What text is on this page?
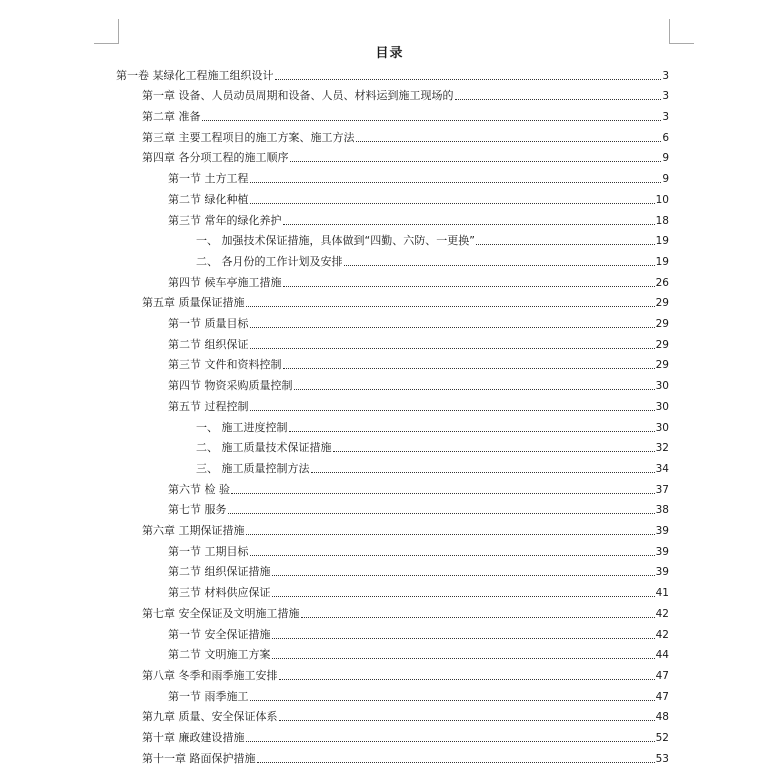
目录
第一卷 某绿化工程施工组织设计	3
第一章 设备、人员动员周期和设备、人员、材料运到施工现场的	3
第二章 准备	3
第三章 主要工程项目的施工方案、施工方法	6
第四章 各分项工程的施工顺序	9
第一节 土方工程	9
第二节 绿化种植	10
第三节 常年的绿化养护	18
一、 加强技术保证措施，具体做到“四勤、六防、一更换”	19
二、 各月份的工作计划及安排	19
第四节 候车亭施工措施	26
第五章 质量保证措施	29
第一节 质量目标	29
第二节 组织保证	29
第三节 文件和资料控制	29
第四节 物资采购质量控制	30
第五节 过程控制	30
一、 施工进度控制	30
二、 施工质量技术保证措施	32
三、 施工质量控制方法	34
第六节 检 验	37
第七节 服务	38
第六章 工期保证措施	39
第一节 工期目标	39
第二节 组织保证措施	39
第三节 材料供应保证	41
第七章 安全保证及文明施工措施	42
第一节 安全保证措施	42
第二节 文明施工方案	44
第八章 冬季和雨季施工安排	47
第一节 雨季施工	47
第九章 质量、安全保证体系	48
第十章 廉政建设措施	52
第十一章 路面保护措施	53
